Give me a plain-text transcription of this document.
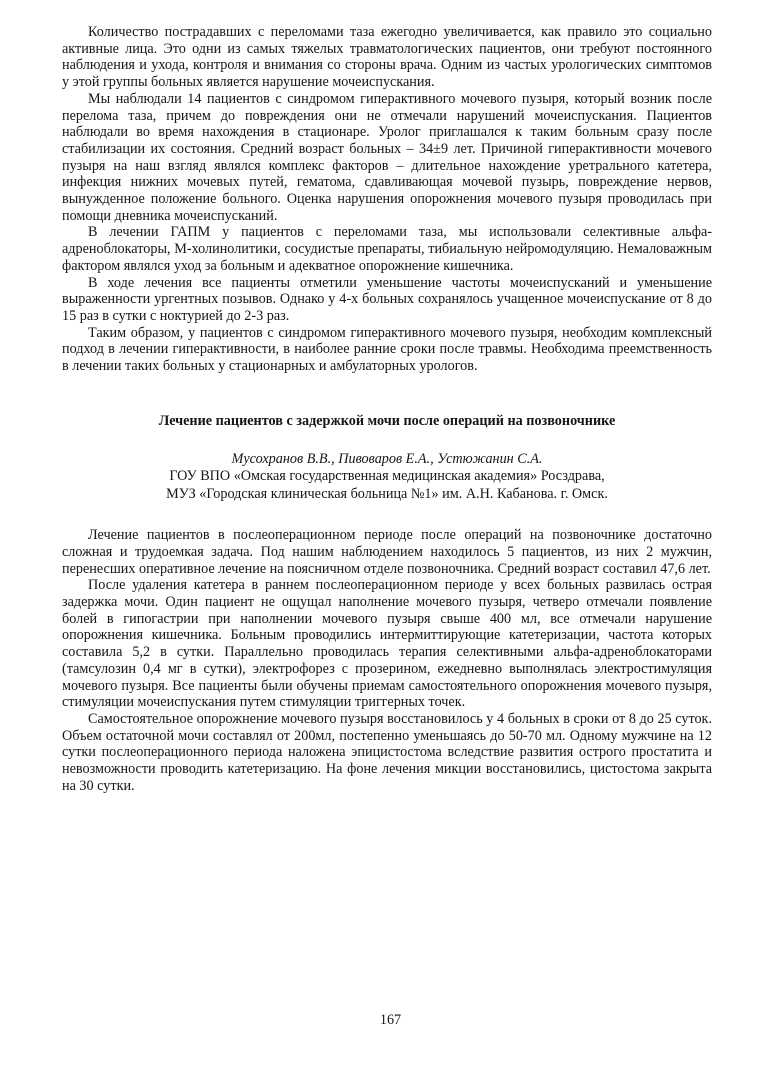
Количество пострадавших с переломами таза ежегодно увеличивается, как правило это социально активные лица. Это одни из самых тяжелых травматологических пациентов, они требуют постоянного наблюдения и ухода, контроля и внимания со стороны врача. Одним из частых урологических симптомов у этой группы больных является нарушение мочеиспускания.

Мы наблюдали 14 пациентов с синдромом гиперактивного мочевого пузыря, который возник после перелома таза, причем до повреждения они не отмечали нарушений мочеиспускания. Пациентов наблюдали во время нахождения в стационаре. Уролог приглашался к таким больным сразу после стабилизации их состояния. Средний возраст больных – 34±9 лет. Причиной гиперактивности мочевого пузыря на наш взгляд являлся комплекс факторов – длительное нахождение уретрального катетера, инфекция нижних мочевых путей, гематома, сдавливающая мочевой пузырь, повреждение нервов, вынужденное положение больного. Оценка нарушения опорожнения мочевого пузыря проводилась при помощи дневника мочеиспусканий.

В лечении ГАПМ у пациентов с переломами таза, мы использовали селективные альфа-адреноблокаторы, М-холинолитики, сосудистые препараты, тибиальную нейромодуляцию. Немаловажным фактором являлся уход за больным и адекватное опорожнение кишечника.

В ходе лечения все пациенты отметили уменьшение частоты мочеиспусканий и уменьшение выраженности ургентных позывов. Однако у 4-х больных сохранялось учащенное мочеиспускание от 8 до 15 раз в сутки с ноктурией до 2-3 раз.

Таким образом, у пациентов с синдромом гиперактивного мочевого пузыря, необходим комплексный подход в лечении гиперактивности, в наиболее ранние сроки после травмы. Необходима преемственность в лечении таких больных у стационарных и амбулаторных урологов.

Лечение пациентов с задержкой мочи после операций на позвоночнике

Мусохранов В.В., Пивоваров Е.А., Устюжанин С.А.

ГОУ ВПО «Омская государственная медицинская академия» Росздрава,

МУЗ «Городская клиническая больница №1» им. А.Н. Кабанова. г. Омск.

Лечение пациентов в послеоперационном периоде после операций на позвоночнике достаточно сложная и трудоемкая задача. Под нашим наблюдением находилось 5 пациентов, из них 2 мужчин, перенесших оперативное лечение на поясничном отделе позвоночника. Средний возраст составил 47,6 лет.

После удаления катетера в раннем послеоперационном периоде у всех больных развилась острая задержка мочи. Один пациент не ощущал наполнение мочевого пузыря, четверо отмечали появление болей в гипогастрии при наполнении мочевого пузыря свыше 400 мл, все отмечали нарушение опорожнения кишечника. Больным проводились интермиттирующие катетеризации, частота которых составила 5,2 в сутки. Параллельно проводилась терапия селективными альфа-адреноблокаторами (тамсулозин 0,4 мг в сутки), электрофорез с прозерином, ежедневно выполнялась электростимуляция мочевого пузыря. Все пациенты были обучены приемам самостоятельного опорожнения мочевого пузыря, стимуляции мочеиспускания путем стимуляции триггерных точек.

Самостоятельное опорожнение мочевого пузыря восстановилось у 4 больных в сроки от 8 до 25 суток. Объем остаточной мочи составлял от 200мл, постепенно уменьшаясь до 50-70 мл. Одному мужчине на 12 сутки послеоперационного периода наложена эпицистостома вследствие развития острого простатита и невозможности проводить катетеризацию. На фоне лечения микции восстановились, цистостома закрыта на 30 сутки.

167
